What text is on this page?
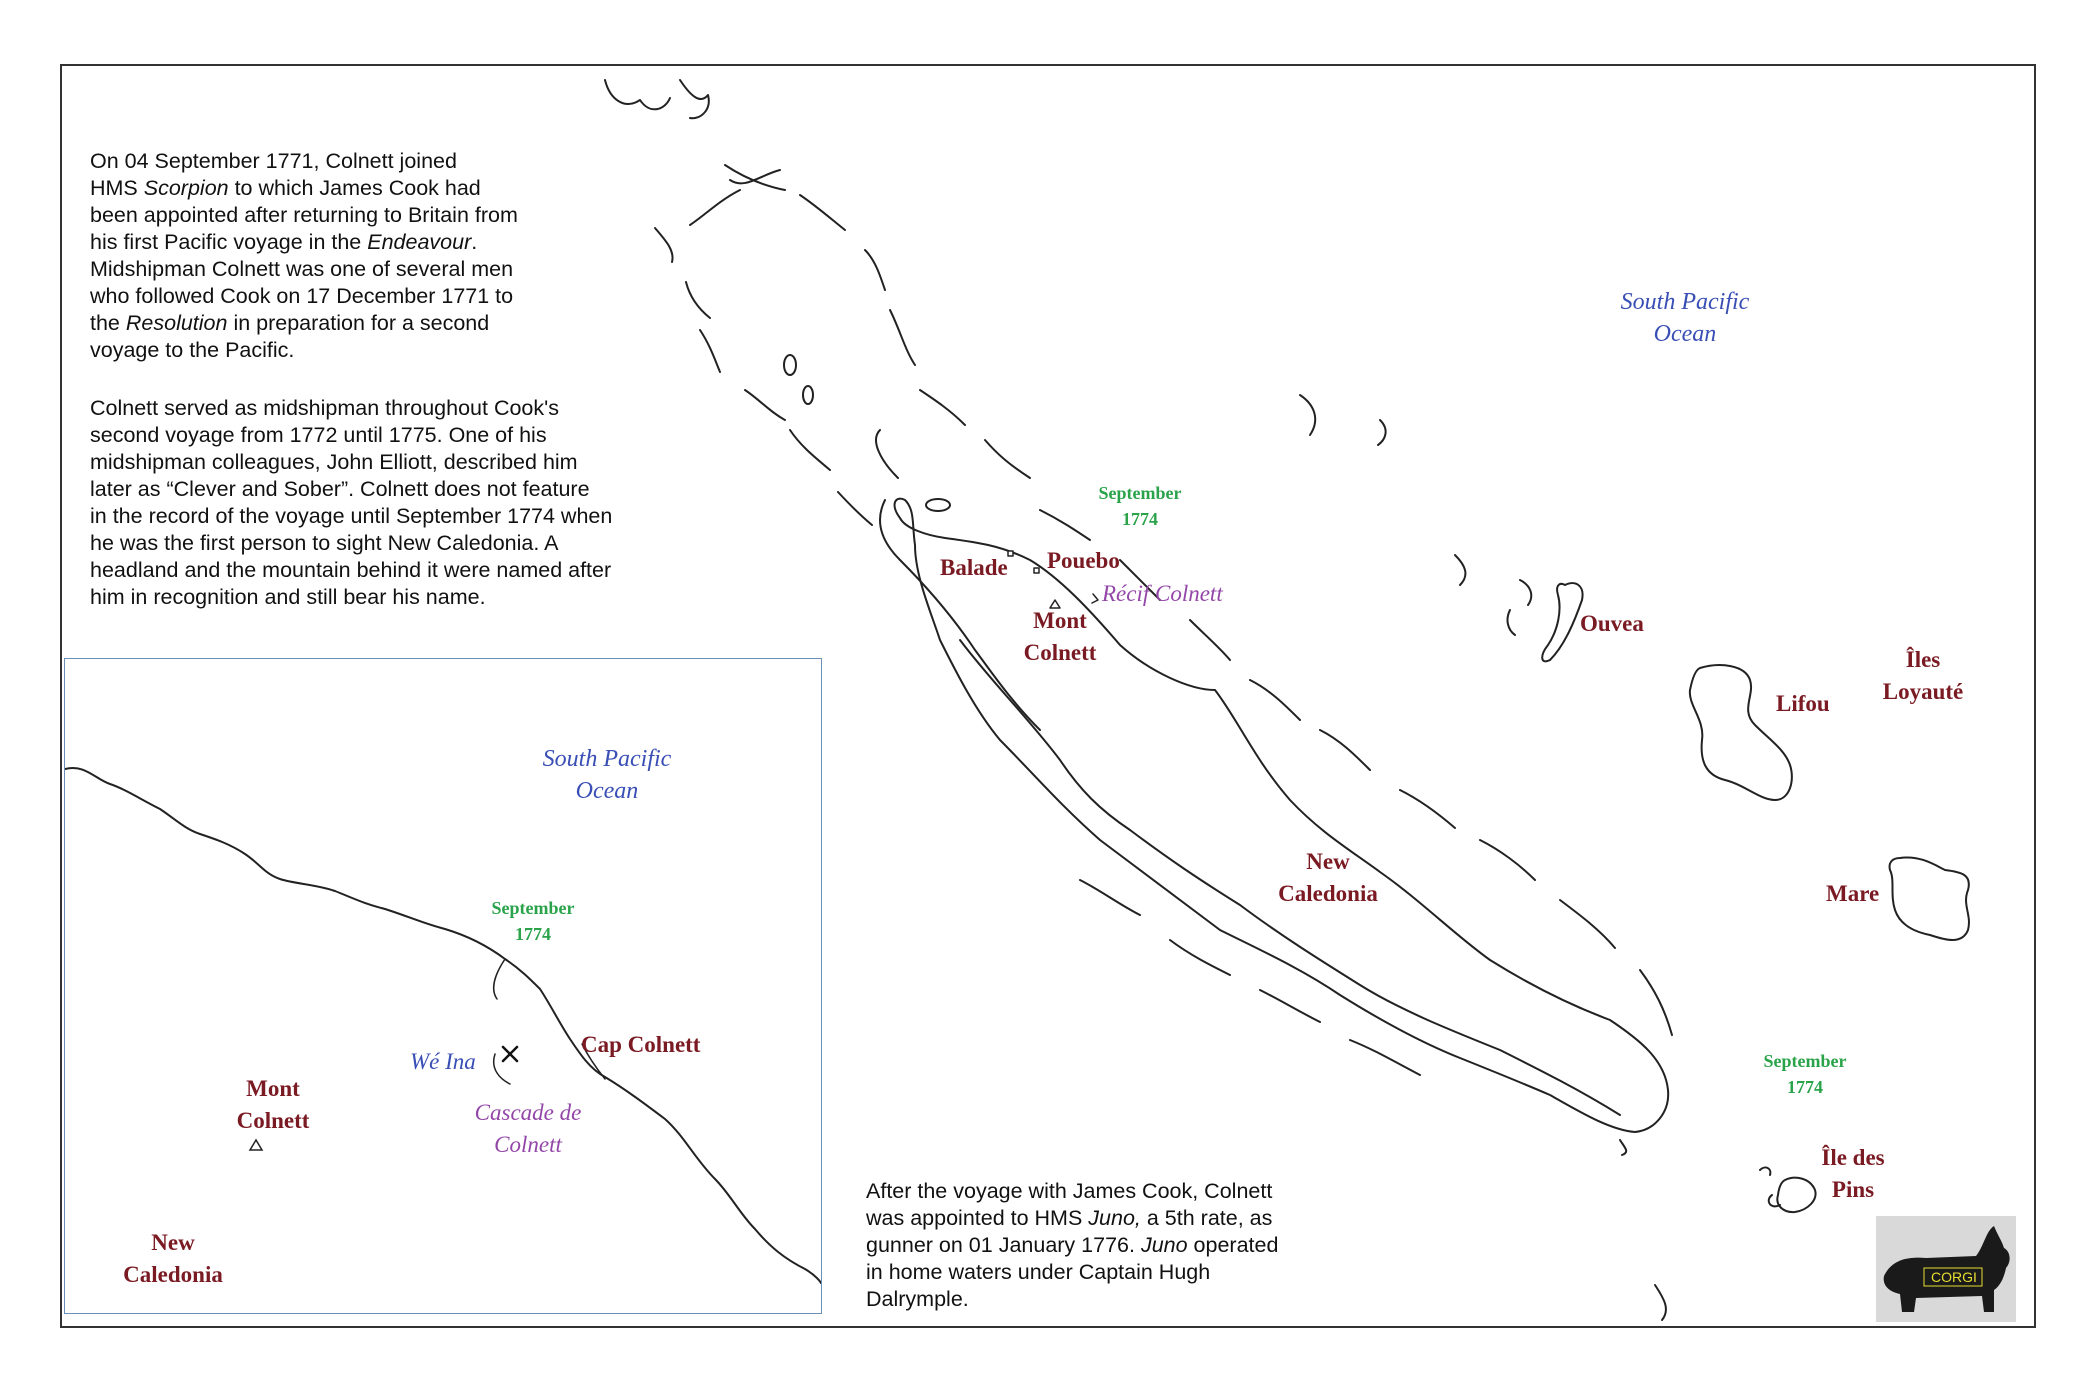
South Pacific
Ocean
September
1774
September
1774
Balade Pouebo
Récif Colnett
Mont
Colnett
New
Caledonia
Ouvea
Lifou
Îles
Loyauté
Mare
Île des
Pins
On 04 September 1771, Colnett joined
HMS Scorpion to which James Cook had
been appointed after returning to Britain from
his first Pacific voyage in the Endeavour.
Midshipman Colnett was one of several men
who followed Cook on 17 December 1771 to
the Resolution in preparation for a second
voyage to the Pacific.
Colnett served as midshipman throughout Cook's
second voyage from 1772 until 1775. One of his
midshipman colleagues, John Elliott, described him
later as “Clever and Sober”. Colnett does not feature
in the record of the voyage until September 1774 when
he was the first person to sight New Caledonia. A
headland and the mountain behind it were named after
him in recognition and still bear his name.
After the voyage with James Cook, Colnett
was appointed to HMS Juno, a 5th rate, as
gunner on 01 January 1776. Juno operated
in home waters under Captain Hugh
Dalrymple.
South Pacific
Ocean
September
1774
Cap Colnett
Wé Ina
Cascade de
Colnett
Mont
Colnett
New
Caledonia	CORGI
